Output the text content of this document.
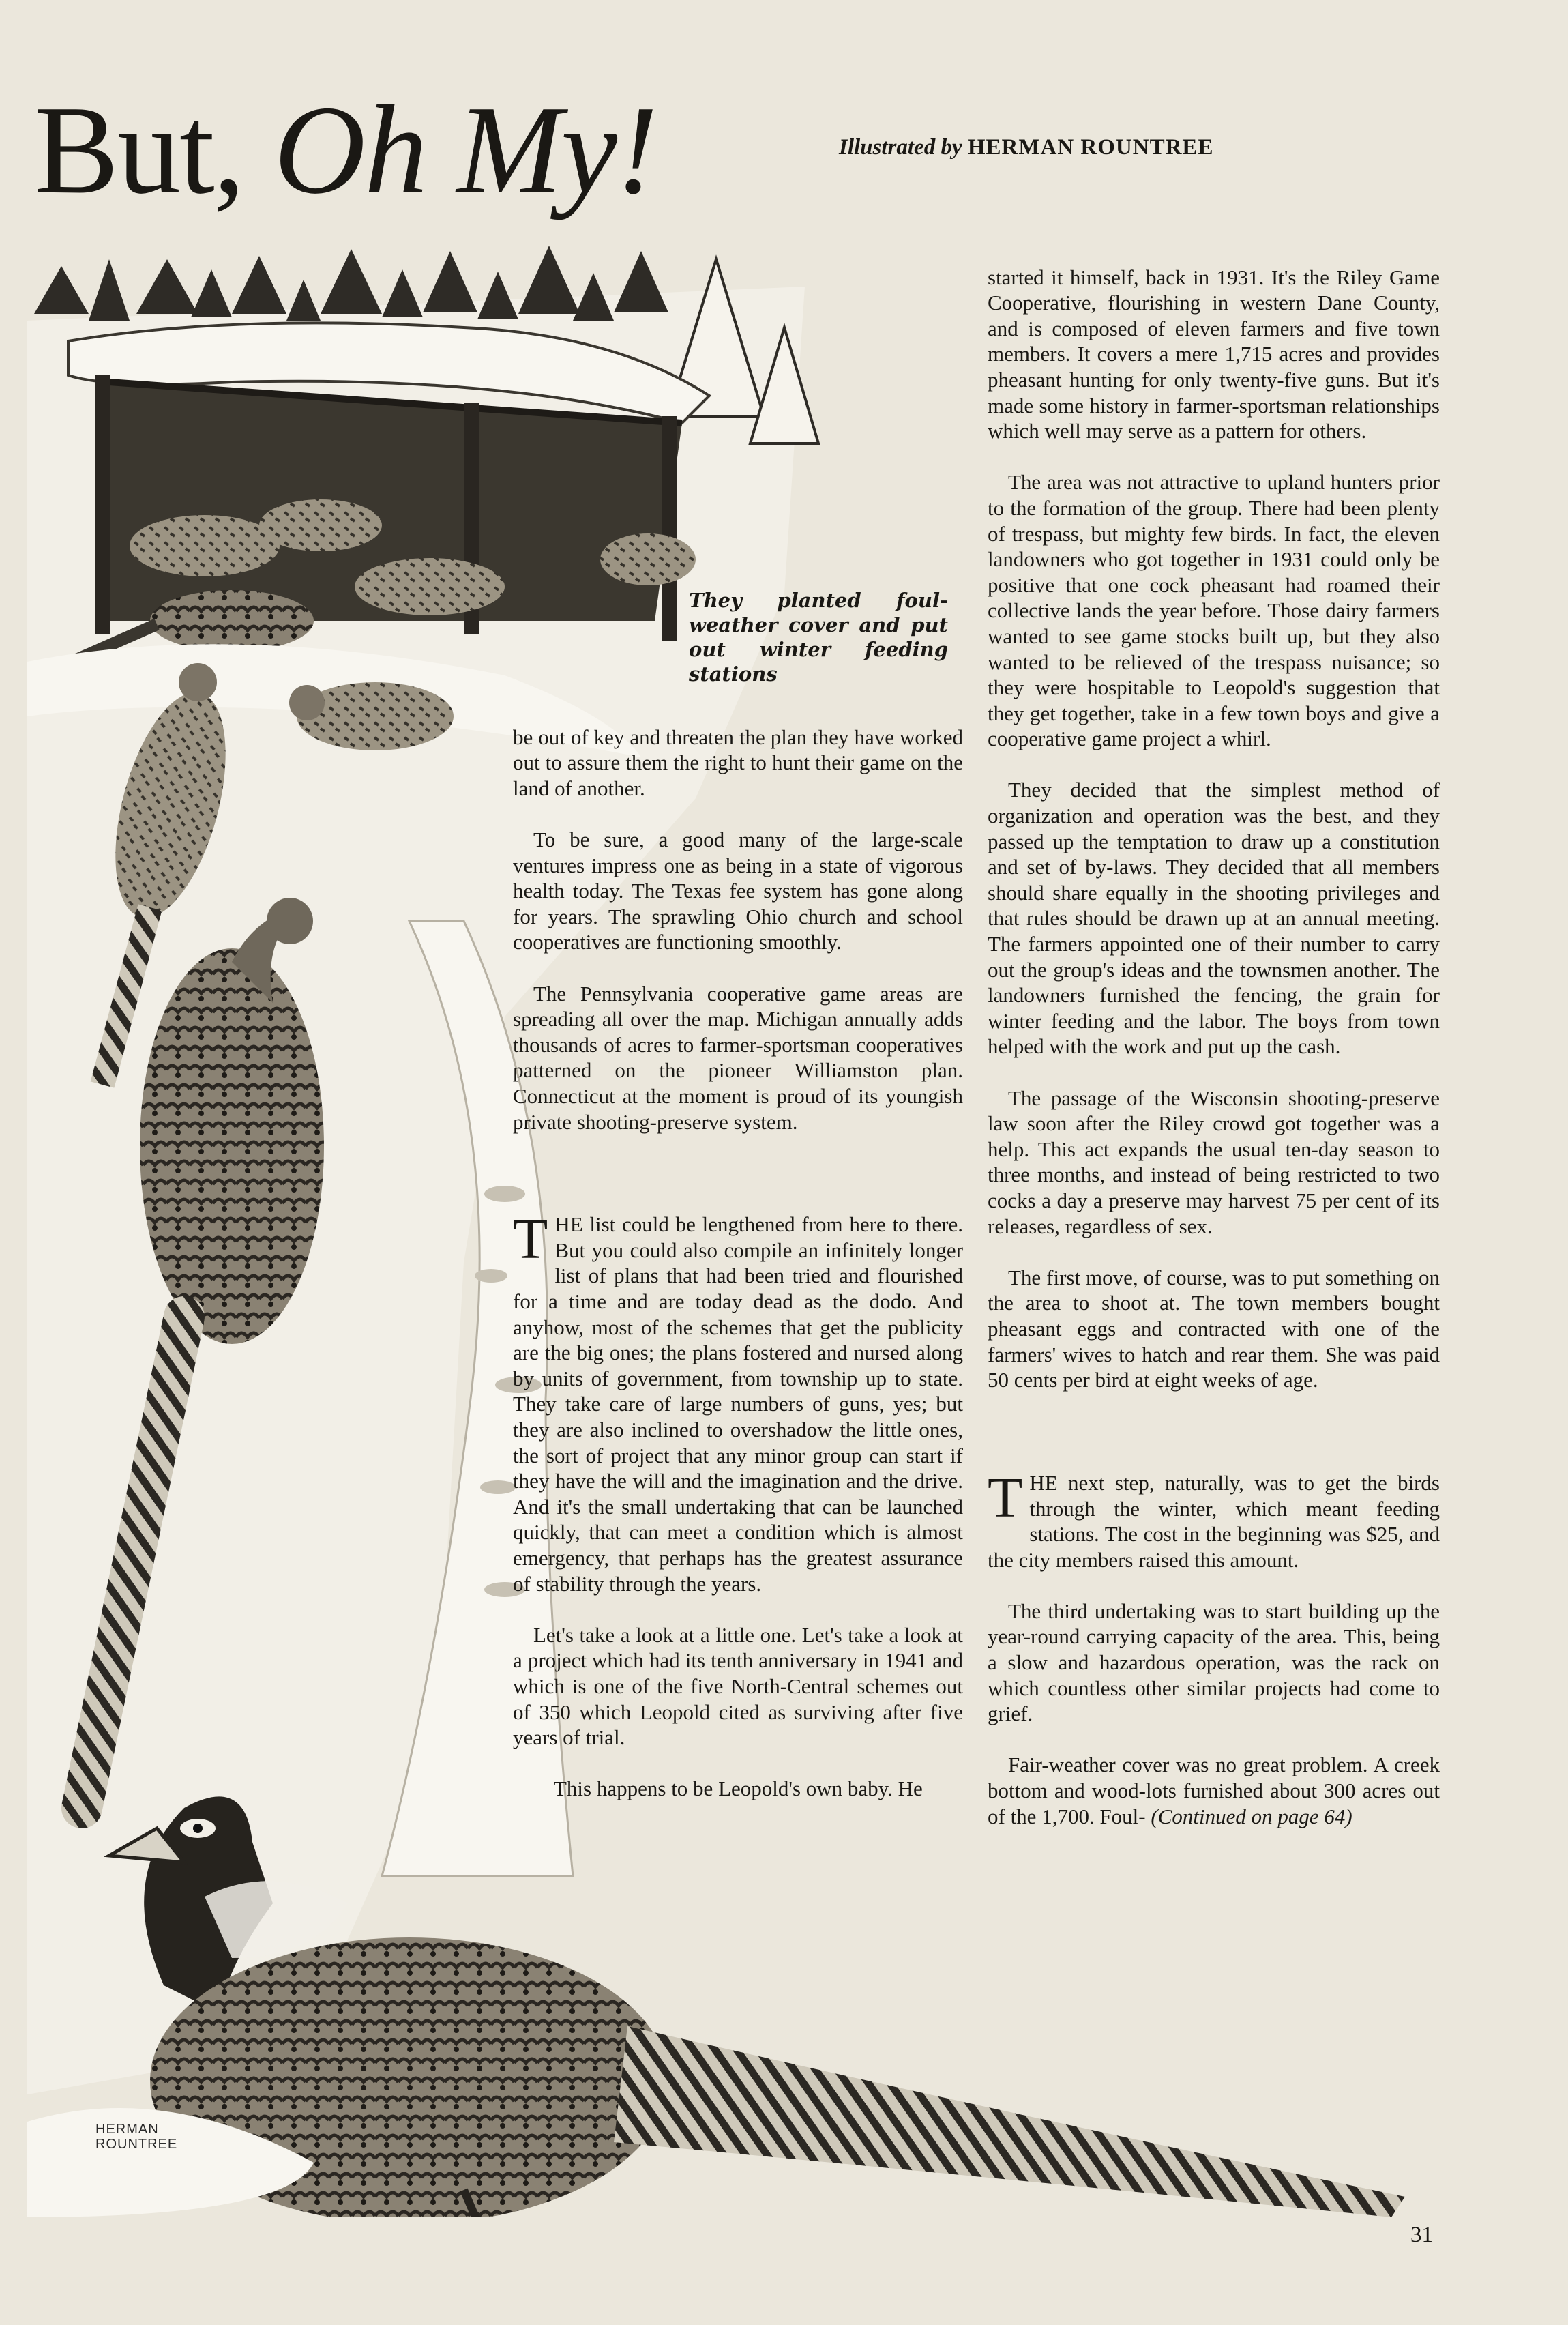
But, Oh My!	Illustrated by HERMAN ROUNTREE
They planted foul-weather cover and put out winter feeding stations
HERMAN
ROUNTREE

be out of key and threaten the plan they have worked out to assure them the right to hunt their game on the land of another.

To be sure, a good many of the large-scale ventures impress one as being in a state of vigorous health today. The Texas fee system has gone along for years. The sprawling Ohio church and school cooperatives are functioning smoothly.

The Pennsylvania cooperative game areas are spreading all over the map. Michigan annually adds thousands of acres to farmer-sportsman cooperatives patterned on the pioneer Williamston plan. Connecticut at the moment is proud of its youngish private shooting-preserve system.

THE list could be lengthened from here to there. But you could also compile an infinitely longer list of plans that had been tried and flourished for a time and are today dead as the dodo. And anyhow, most of the schemes that get the publicity are the big ones; the plans fostered and nursed along by units of government, from township up to state. They take care of large numbers of guns, yes; but they are also inclined to overshadow the little ones, the sort of project that any minor group can start if they have the will and the imagination and the drive. And it's the small undertaking that can be launched quickly, that can meet a condition which is almost emergency, that perhaps has the greatest assurance of stability through the years.

Let's take a look at a little one. Let's take a look at a project which had its tenth anniversary in 1941 and which is one of the five North-Central schemes out of 350 which Leopold cited as surviving after five years of trial.

This happens to be Leopold's own baby. He

started it himself, back in 1931. It's the Riley Game Cooperative, flourishing in western Dane County, and is composed of eleven farmers and five town members. It covers a mere 1,715 acres and provides pheasant hunting for only twenty-five guns. But it's made some history in farmer-sportsman relationships which well may serve as a pattern for others.

The area was not attractive to upland hunters prior to the formation of the group. There had been plenty of trespass, but mighty few birds. In fact, the eleven landowners who got together in 1931 could only be positive that one cock pheasant had roamed their collective lands the year before. Those dairy farmers wanted to see game stocks built up, but they also wanted to be relieved of the trespass nuisance; so they were hospitable to Leopold's suggestion that they get together, take in a few town boys and give a cooperative game project a whirl.

They decided that the simplest method of organization and operation was the best, and they passed up the temptation to draw up a constitution and set of by-laws. They decided that all members should share equally in the shooting privileges and that rules should be drawn up at an annual meeting. The farmers appointed one of their number to carry out the group's ideas and the townsmen another. The landowners furnished the fencing, the grain for winter feeding and the labor. The boys from town helped with the work and put up the cash.

The passage of the Wisconsin shooting-preserve law soon after the Riley crowd got together was a help. This act expands the usual ten-day season to three months, and instead of being restricted to two cocks a day a preserve may harvest 75 per cent of its releases, regardless of sex.

The first move, of course, was to put something on the area to shoot at. The town members bought pheasant eggs and contracted with one of the farmers' wives to hatch and rear them. She was paid 50 cents per bird at eight weeks of age.

THE next step, naturally, was to get the birds through the winter, which meant feeding stations. The cost in the beginning was $25, and the city members raised this amount.

The third undertaking was to start building up the year-round carrying capacity of the area. This, being a slow and hazardous operation, was the rack on which countless other similar projects had come to grief.

Fair-weather cover was no great problem. A creek bottom and wood-lots furnished about 300 acres out of the 1,700. Foul- (Continued on page 64)

31
